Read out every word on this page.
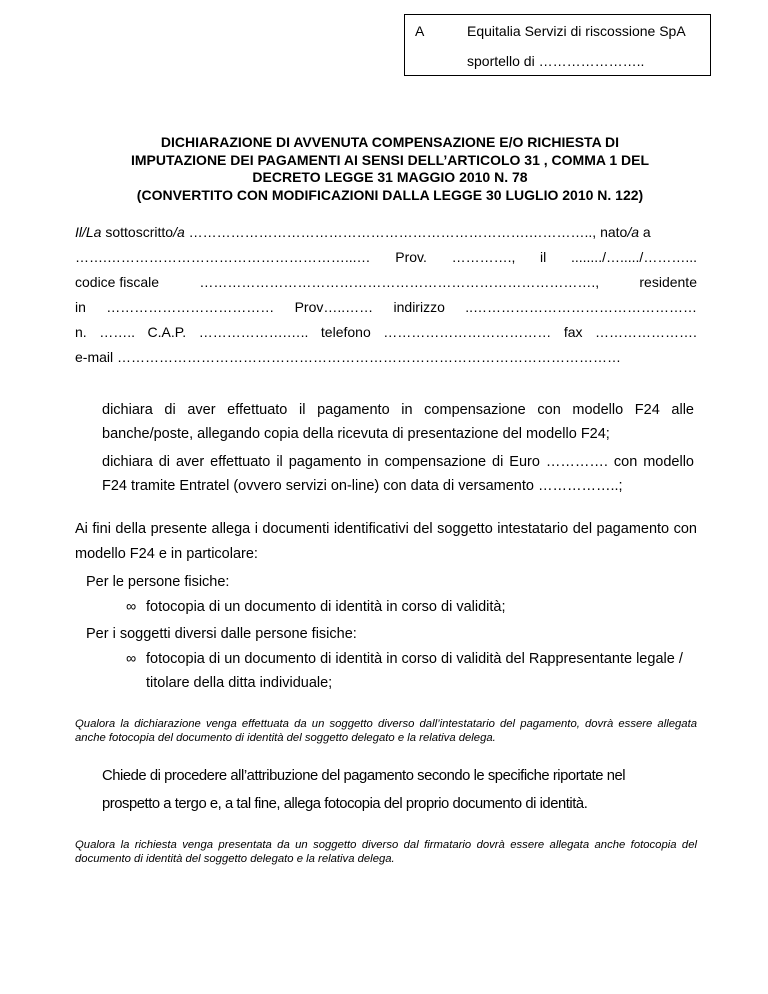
A	Equitalia Servizi di riscossione SpA
sportello di …………………..
DICHIARAZIONE DI AVVENUTA COMPENSAZIONE E/O RICHIESTA DI
IMPUTAZIONE DEI PAGAMENTI AI SENSI DELL’ARTICOLO 31 , COMMA 1 DEL
DECRETO LEGGE 31 MAGGIO 2010 N. 78
(CONVERTITO CON MODIFICAZIONI DALLA LEGGE 30 LUGLIO 2010 N. 122)
Il/La sottoscritto/a ……………………………………………………………….………….., nato/a a
…….……………………………………………...… Prov. …………., il ......../…...../………...
codice fiscale	………………………………………………………………………….,	residente
in ……………………………… Prov…..…… indirizzo ..…………………………………………
n. …….. C.A.P. ……………….….. telefono ……………………………… fax ………………….
e-mail ………………………………………………………………………………………………

dichiara di aver effettuato il pagamento in compensazione con modello F24 alle banche/poste, allegando copia della ricevuta di presentazione del modello F24;

dichiara di aver effettuato il pagamento in compensazione di Euro …………. con modello F24 tramite Entratel (ovvero servizi on-line) con data di versamento ……………..;

Ai fini della presente allega i documenti identificativi del soggetto intestatario del pagamento con modello F24 e in particolare:

Per le persone fisiche:
∞ fotocopia di un documento di identità in corso di validità;
Per i soggetti diversi dalle persone fisiche:
∞ fotocopia di un documento di identità in corso di validità del Rappresentante legale / titolare della ditta individuale;
Qualora la dichiarazione venga effettuata da un soggetto diverso dall’intestatario del pagamento, dovrà essere allegata anche fotocopia del documento di identità del soggetto delegato e la relativa delega.

Chiede di procedere all’attribuzione del pagamento secondo le specifiche riportate nel

prospetto a tergo e, a tal fine, allega fotocopia del proprio documento di identità.

Qualora la richiesta venga presentata da un soggetto diverso dal firmatario dovrà essere allegata anche fotocopia del documento di identità del soggetto delegato e la relativa delega.
